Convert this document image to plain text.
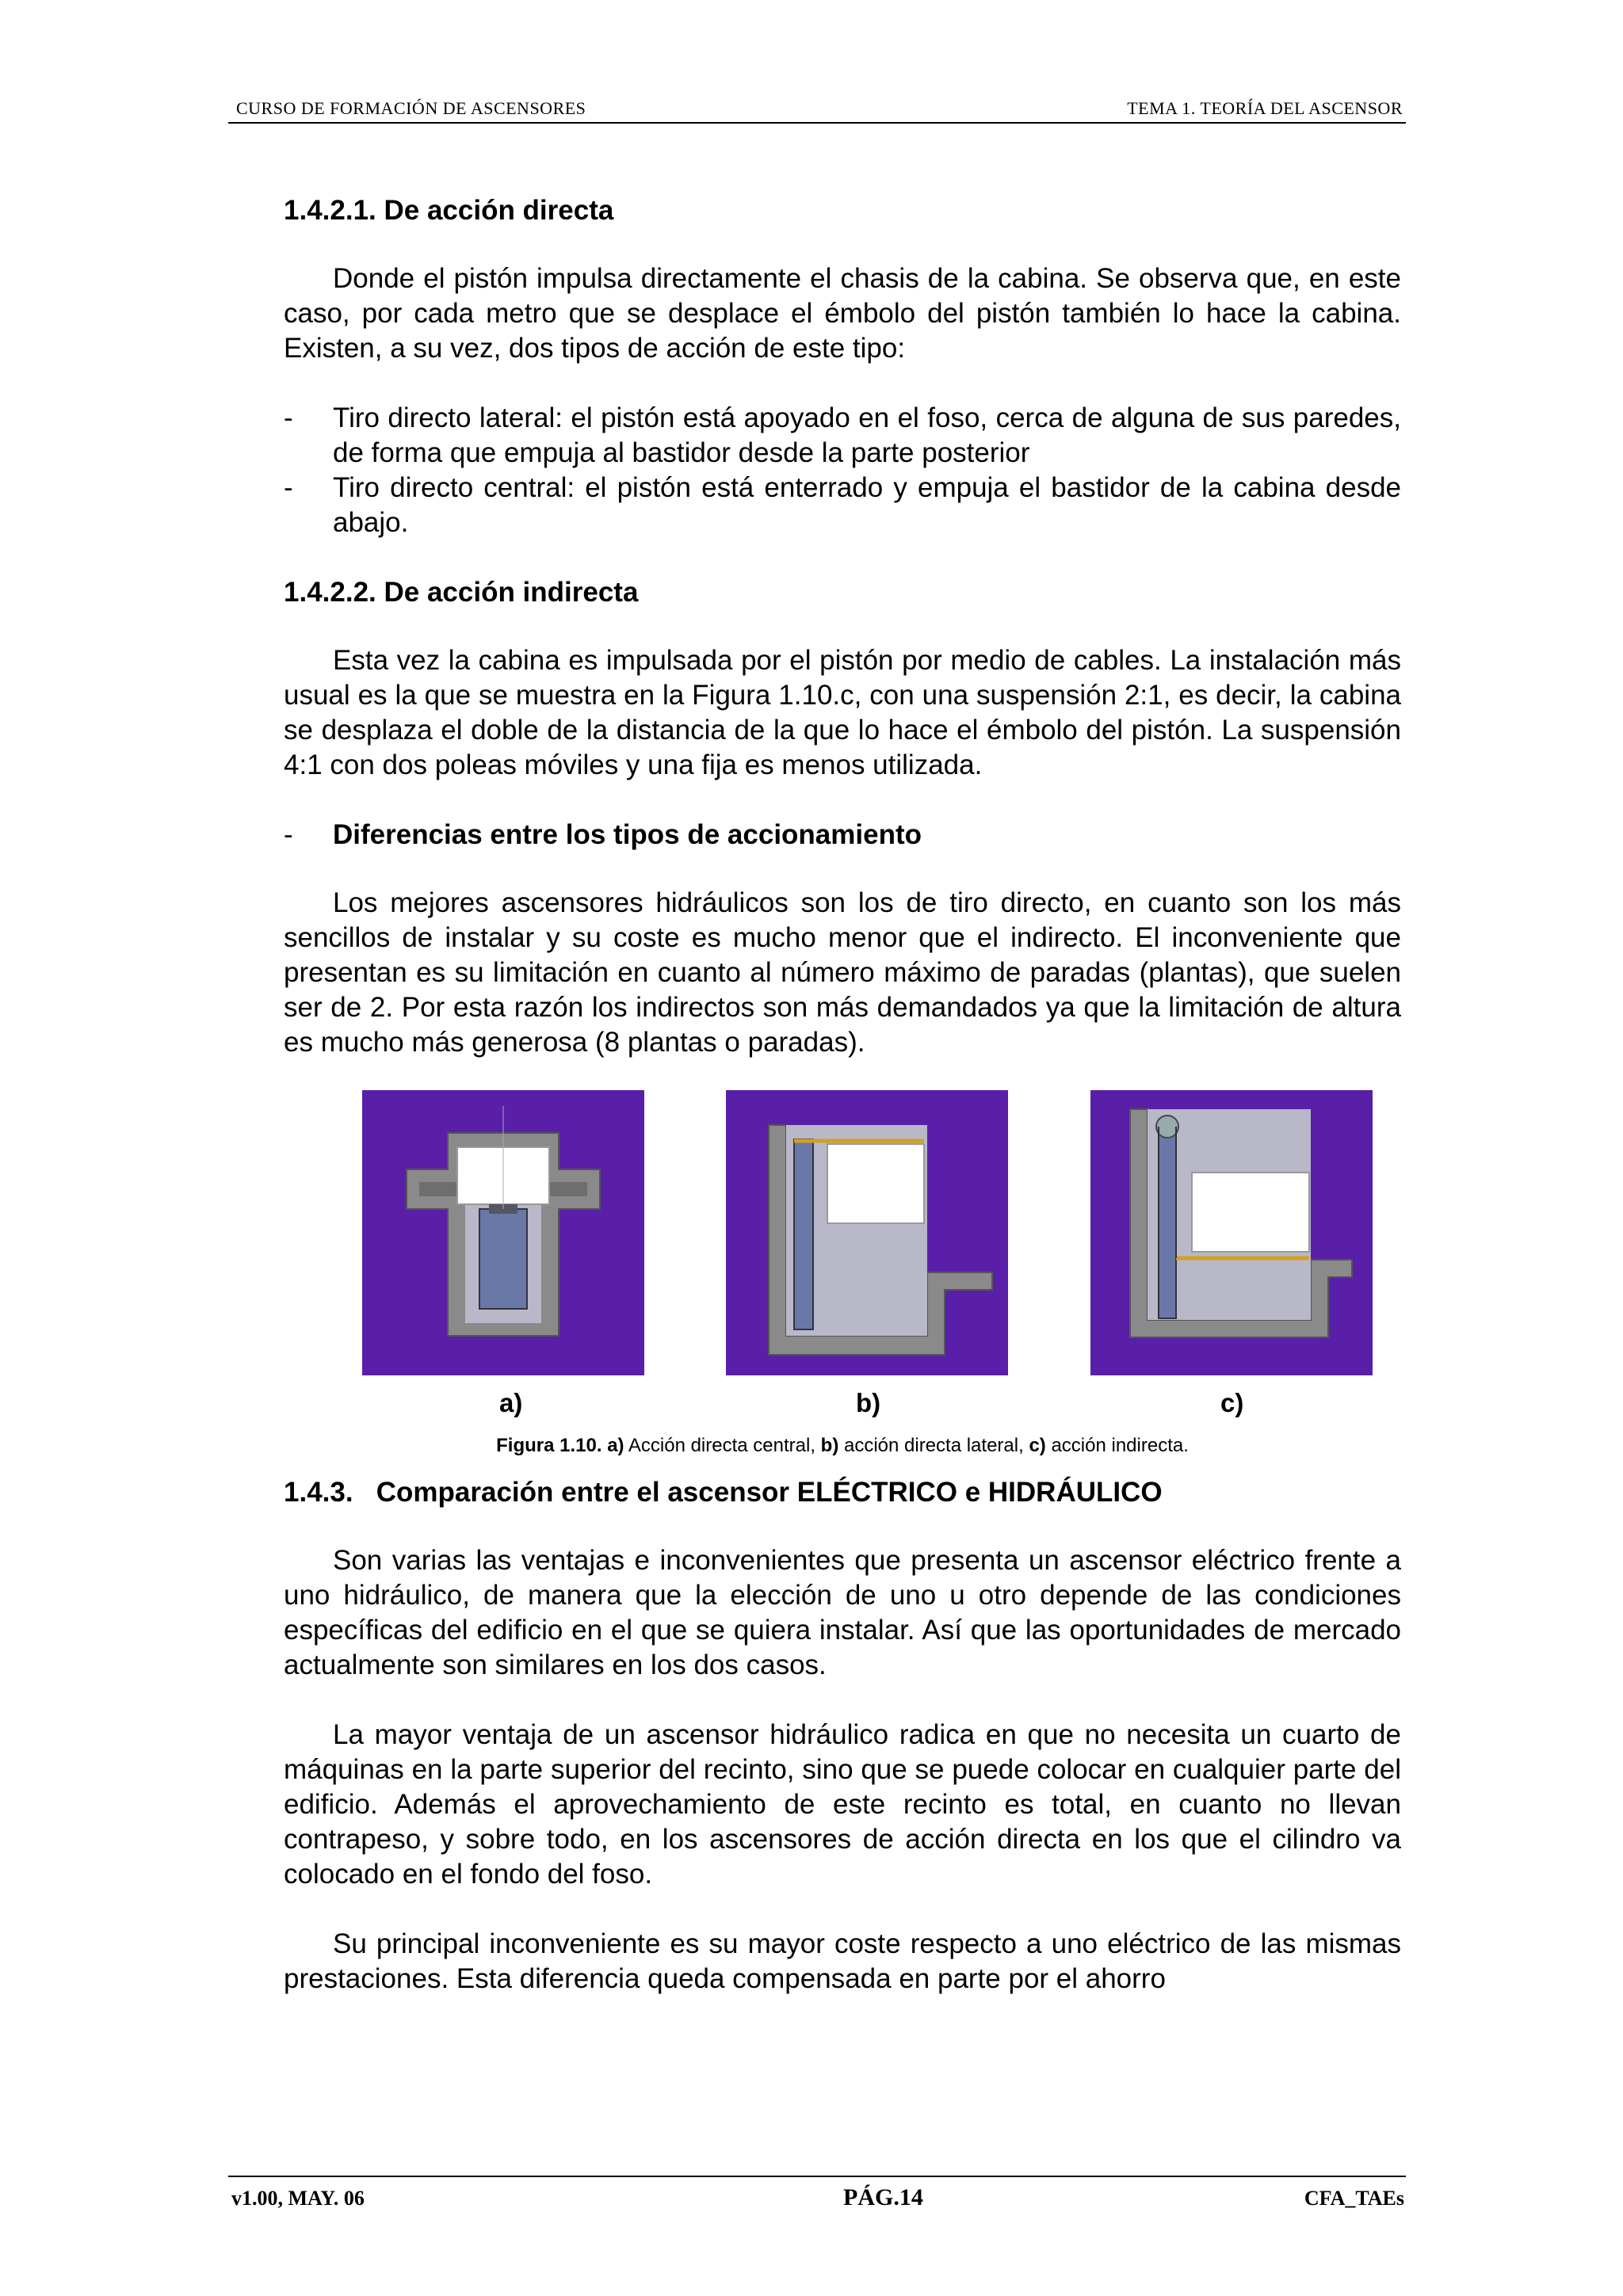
CURSO DE FORMACIÓN DE ASCENSORES	TEMA 1. TEORÍA DEL ASCENSOR
1.4.2.1. De acción directa

Donde el pistón impulsa directamente el chasis de la cabina. Se observa que, en este caso, por cada metro que se desplace el émbolo del pistón también lo hace la cabina. Existen, a su vez, dos tipos de acción de este tipo:

- Tiro directo lateral: el pistón está apoyado en el foso, cerca de alguna de sus paredes, de forma que empuja al bastidor desde la parte posterior
- Tiro directo central: el pistón está enterrado y empuja el bastidor de la cabina desde abajo.
1.4.2.2. De acción indirecta

Esta vez la cabina es impulsada por el pistón por medio de cables. La instalación más usual es la que se muestra en la Figura 1.10.c, con una suspensión 2:1, es decir, la cabina se desplaza el doble de la distancia de la que lo hace el émbolo del pistón. La suspensión 4:1 con dos poleas móviles y una fija es menos utilizada.

- Diferencias entre los tipos de accionamiento

Los mejores ascensores hidráulicos son los de tiro directo, en cuanto son los más sencillos de instalar y su coste es mucho menor que el indirecto. El inconveniente que presentan es su limitación en cuanto al número máximo de paradas (plantas), que suelen ser de 2. Por esta razón los indirectos son más demandados ya que la limitación de altura es mucho más generosa (8 plantas o paradas).

a)	b)	c)
Figura 1.10. a) Acción directa central, b) acción directa lateral, c) acción indirecta.
1.4.3.   Comparación entre el ascensor ELÉCTRICO e HIDRÁULICO

Son varias las ventajas e inconvenientes que presenta un ascensor eléctrico frente a uno hidráulico, de manera que la elección de uno u otro depende de las condiciones específicas del edificio en el que se quiera instalar. Así que las oportunidades de mercado actualmente son similares en los dos casos.

La mayor ventaja de un ascensor hidráulico radica en que no necesita un cuarto de máquinas en la parte superior del recinto, sino que se puede colocar en cualquier parte del edificio. Además el aprovechamiento de este recinto es total, en cuanto no llevan contrapeso, y sobre todo, en los ascensores de acción directa en los que el cilindro va colocado en el fondo del foso.

Su principal inconveniente es su mayor coste respecto a uno eléctrico de las mismas prestaciones. Esta diferencia queda compensada en parte por el ahorro

v1.00, MAY. 06	PÁG.14	CFA_TAEs
